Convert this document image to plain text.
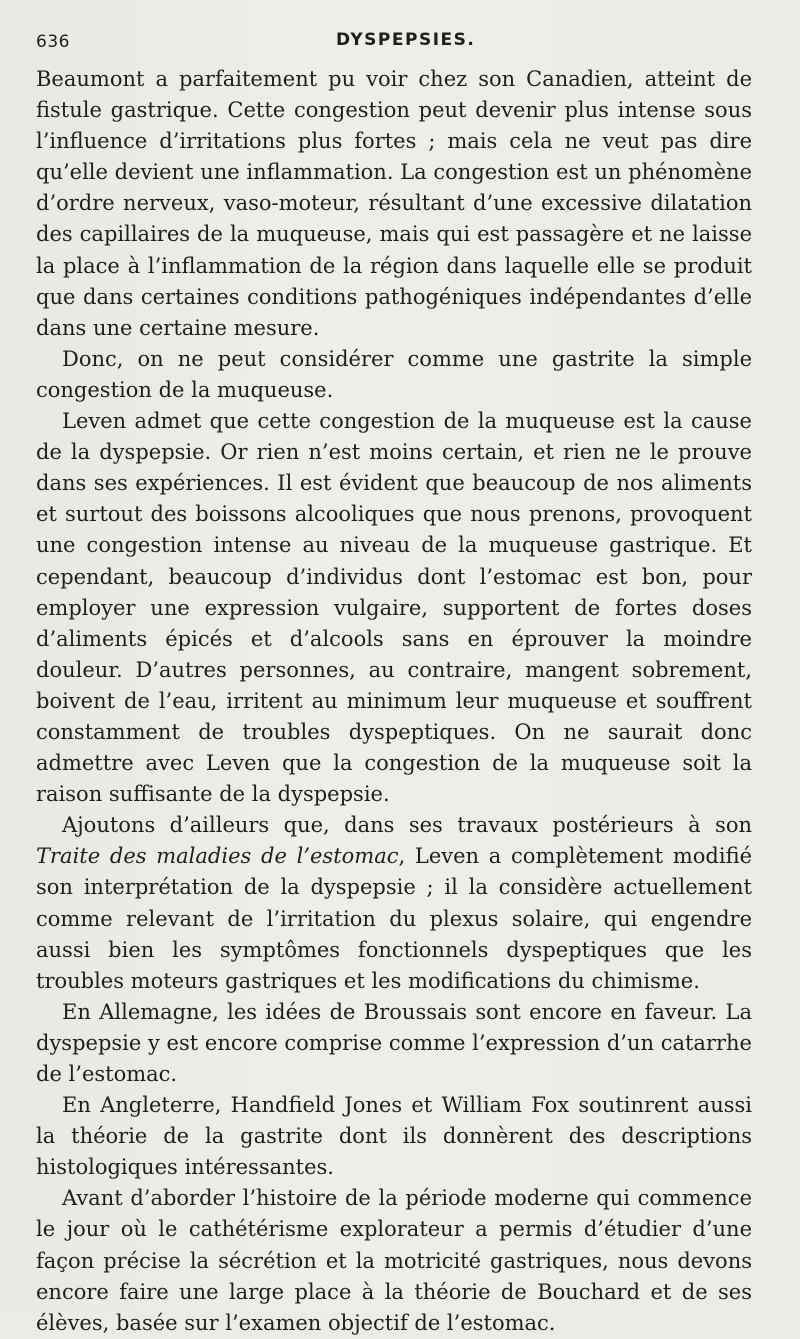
636	DYSPEPSIES.

Beaumont a parfaitement pu voir chez son Canadien, atteint de fistule gastrique. Cette congestion peut devenir plus intense sous l’influence d’irritations plus fortes ; mais cela ne veut pas dire qu’elle devient une inflammation. La congestion est un phénomène d’ordre nerveux, vaso-moteur, résultant d’une excessive dilatation des capillaires de la muqueuse, mais qui est passagère et ne laisse la place à l’inflammation de la région dans laquelle elle se produit que dans certaines conditions pathogéniques indépendantes d’elle dans une certaine mesure.

Donc, on ne peut considérer comme une gastrite la simple congestion de la muqueuse.

Leven admet que cette congestion de la muqueuse est la cause de la dyspepsie. Or rien n’est moins certain, et rien ne le prouve dans ses expériences. Il est évident que beaucoup de nos aliments et surtout des boissons alcooliques que nous prenons, provoquent une congestion intense au niveau de la muqueuse gastrique. Et cependant, beaucoup d’individus dont l’estomac est bon, pour employer une expression vulgaire, supportent de fortes doses d’aliments épicés et d’alcools sans en éprouver la moindre douleur. D’autres personnes, au contraire, mangent sobrement, boivent de l’eau, irritent au minimum leur muqueuse et souffrent constamment de troubles dyspeptiques. On ne saurait donc admettre avec Leven que la congestion de la muqueuse soit la raison suffisante de la dyspepsie.

Ajoutons d’ailleurs que, dans ses travaux postérieurs à son Traite des maladies de l’estomac, Leven a complètement modifié son interprétation de la dyspepsie ; il la considère actuellement comme relevant de l’irritation du plexus solaire, qui engendre aussi bien les symptômes fonctionnels dyspeptiques que les troubles moteurs gastriques et les modifications du chimisme.

En Allemagne, les idées de Broussais sont encore en faveur. La dyspepsie y est encore comprise comme l’expression d’un catarrhe de l’estomac.

En Angleterre, Handfield Jones et William Fox soutinrent aussi la théorie de la gastrite dont ils donnèrent des descriptions histologiques intéressantes.

Avant d’aborder l’histoire de la période moderne qui commence le jour où le cathétérisme explorateur a permis d’étudier d’une façon précise la sécrétion et la motricité gastriques, nous devons encore faire une large place à la théorie de Bouchard et de ses élèves, basée sur l’examen objectif de l’estomac.
